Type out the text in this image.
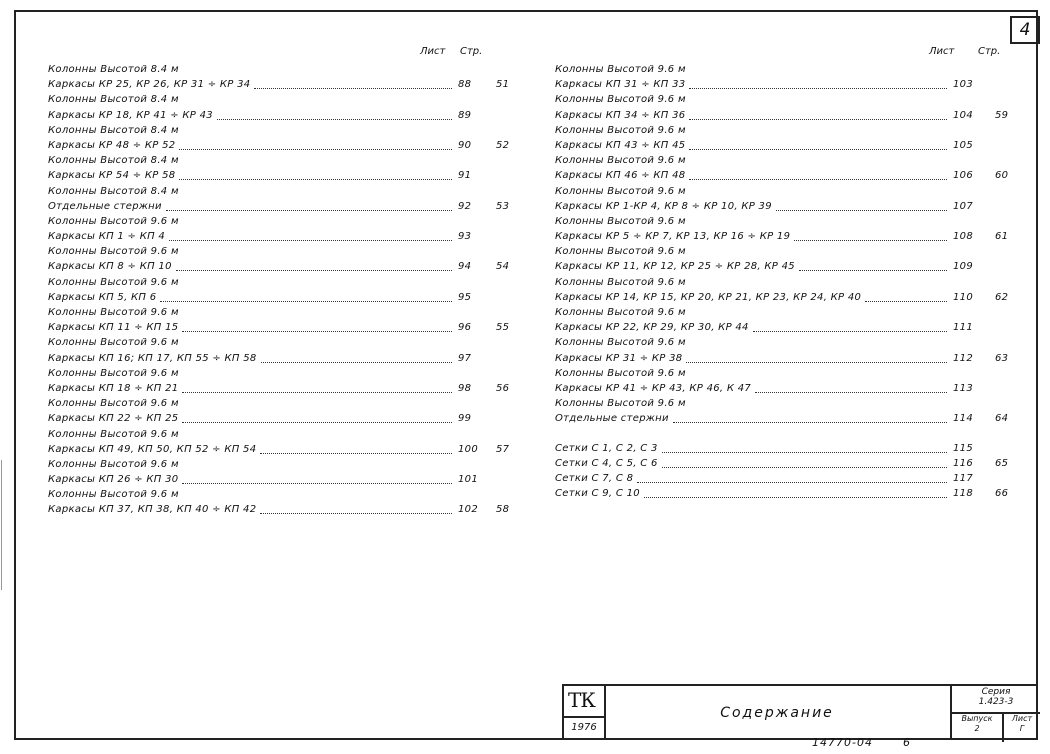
4
Лист Стр.
Колонны Высотой 8.4 м
Каркасы КР 25, КР 26, КР 31 ÷ КР 34	88	51
Колонны Высотой 8.4 м
Каркасы КР 18, КР 41 ÷ КР 43	89
Колонны Высотой 8.4 м
Каркасы КР 48 ÷ КР 52	90	52
Колонны Высотой 8.4 м
Каркасы КР 54 ÷ КР 58	91
Колонны Высотой 8.4 м
Отдельные стержни	92	53
Колонны Высотой 9.6 м
Каркасы КП 1 ÷ КП 4	93
Колонны Высотой 9.6 м
Каркасы КП 8 ÷ КП 10	94	54
Колонны Высотой 9.6 м
Каркасы КП 5, КП 6	95
Колонны Высотой 9.6 м
Каркасы КП 11 ÷ КП 15	96	55
Колонны Высотой 9.6 м
Каркасы КП 16; КП 17, КП 55 ÷ КП 58	97
Колонны Высотой 9.6 м
Каркасы КП 18 ÷ КП 21	98	56
Колонны Высотой 9.6 м
Каркасы КП 22 ÷ КП 25	99
Колонны Высотой 9.6 м
Каркасы КП 49, КП 50, КП 52 ÷ КП 54	100	57
Колонны Высотой 9.6 м
Каркасы КП 26 ÷ КП 30	101
Колонны Высотой 9.6 м
Каркасы КП 37, КП 38, КП 40 ÷ КП 42	102	58
Лист Стр.
Колонны Высотой 9.6 м
Каркасы КП 31 ÷ КП 33	103
Колонны Высотой 9.6 м
Каркасы КП 34 ÷ КП 36	104	59
Колонны Высотой 9.6 м
Каркасы КП 43 ÷ КП 45	105
Колонны Высотой 9.6 м
Каркасы КП 46 ÷ КП 48	106	60
Колонны Высотой 9.6 м
Каркасы КР 1-КР 4, КР 8 ÷ КР 10, КР 39	107
Колонны Высотой 9.6 м
Каркасы КР 5 ÷ КР 7, КР 13, КР 16 ÷ КР 19	108	61
Колонны Высотой 9.6 м
Каркасы КР 11, КР 12, КР 25 ÷ КР 28, КР 45	109
Колонны Высотой 9.6 м
Каркасы КР 14, КР 15, КР 20, КР 21, КР 23, КР 24, КР 40	110	62
Колонны Высотой 9.6 м
Каркасы КР 22, КР 29, КР 30, КР 44	111
Колонны Высотой 9.6 м
Каркасы КР 31 ÷ КР 38	112	63
Колонны Высотой 9.6 м
Каркасы КР 41 ÷ КР 43, КР 46, К 47	113
Колонны Высотой 9.6 м
Отдельные стержни	114	64
Сетки С 1, С 2, С 3	115
Сетки С 4, С 5, С 6	116	65
Сетки С 7, С 8	117
Сетки С 9, С 10	118	66
ТК
1976
Содержание
Серия
1.423-3
Выпуск
2
Лист
Г
14770-04	6
